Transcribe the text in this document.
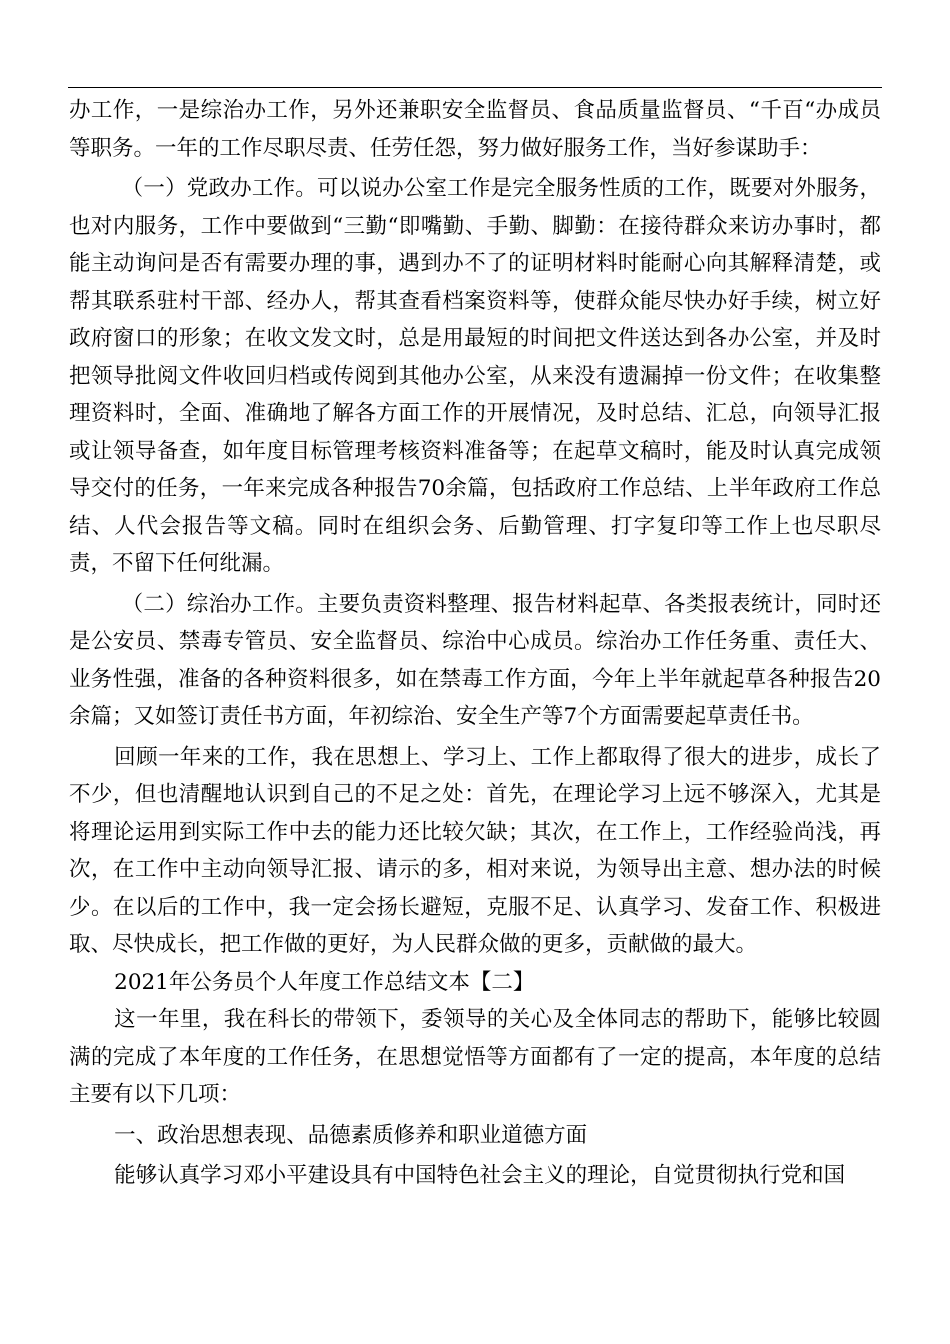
办工作，一是综治办工作，另外还兼职安全监督员、食品质量监督员、“千百“办成员等职务。一年的工作尽职尽责、任劳任怨，努力做好服务工作，当好参谋助手：

（一）党政办工作。可以说办公室工作是完全服务性质的工作，既要对外服务，也对内服务，工作中要做到“三勤“即嘴勤、手勤、脚勤：在接待群众来访办事时，都能主动询问是否有需要办理的事，遇到办不了的证明材料时能耐心向其解释清楚，或帮其联系驻村干部、经办人，帮其查看档案资料等，使群众能尽快办好手续，树立好政府窗口的形象；在收文发文时，总是用最短的时间把文件送达到各办公室，并及时把领导批阅文件收回归档或传阅到其他办公室，从来没有遗漏掉一份文件；在收集整理资料时，全面、准确地了解各方面工作的开展情况，及时总结、汇总，向领导汇报或让领导备查，如年度目标管理考核资料准备等；在起草文稿时，能及时认真完成领导交付的任务，一年来完成各种报告70余篇，包括政府工作总结、上半年政府工作总结、人代会报告等文稿。同时在组织会务、后勤管理、打字复印等工作上也尽职尽责，不留下任何纰漏。

（二）综治办工作。主要负责资料整理、报告材料起草、各类报表统计，同时还是公安员、禁毒专管员、安全监督员、综治中心成员。综治办工作任务重、责任大、业务性强，准备的各种资料很多，如在禁毒工作方面，今年上半年就起草各种报告20余篇；又如签订责任书方面，年初综治、安全生产等7个方面需要起草责任书。

回顾一年来的工作，我在思想上、学习上、工作上都取得了很大的进步，成长了不少，但也清醒地认识到自己的不足之处：首先，在理论学习上远不够深入，尤其是将理论运用到实际工作中去的能力还比较欠缺；其次，在工作上，工作经验尚浅，再次，在工作中主动向领导汇报、请示的多，相对来说，为领导出主意、想办法的时候少。在以后的工作中，我一定会扬长避短，克服不足、认真学习、发奋工作、积极进取、尽快成长，把工作做的更好，为人民群众做的更多，贡献做的最大。

2021年公务员个人年度工作总结文本【二】

这一年里，我在科长的带领下，委领导的关心及全体同志的帮助下，能够比较圆满的完成了本年度的工作任务，在思想觉悟等方面都有了一定的提高，本年度的总结主要有以下几项：

一、政治思想表现、品德素质修养和职业道德方面

能够认真学习邓小平建设具有中国特色社会主义的理论，自觉贯彻执行党和国
